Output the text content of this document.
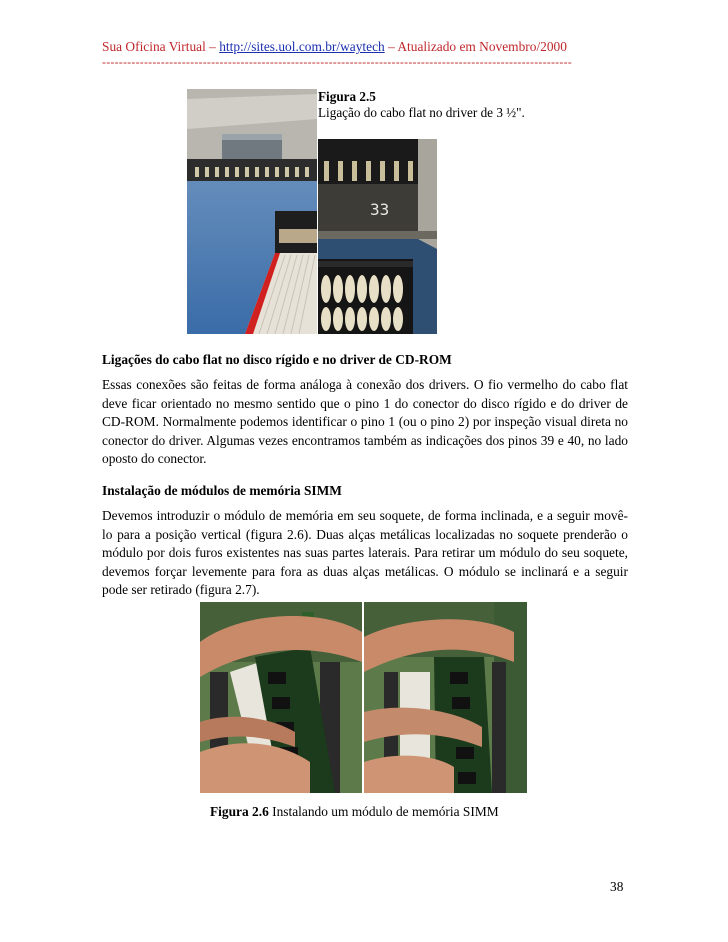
Sua Oficina Virtual – http://sites.uol.com.br/waytech – Atualizado em Novembro/2000
----------------------------------------------------------------------------------------------------------------
Figura 2.5
Ligação do cabo flat no driver de 3 ½".
33
Ligações do cabo flat no disco rígido e no driver de CD-ROM
Essas conexões são feitas de forma análoga à conexão dos drivers. O fio vermelho do cabo flat deve ficar orientado no mesmo sentido que o pino 1 do conector do disco rígido e do driver de CD-ROM. Normalmente podemos identificar o pino 1 (ou o pino 2) por inspeção visual direta no conector do driver. Algumas vezes encontramos também as indicações dos pinos 39 e 40, no lado oposto do conector.
Instalação de módulos de memória SIMM
Devemos introduzir o módulo de memória em seu soquete, de forma inclinada, e a seguir movê-lo para a posição vertical (figura 2.6). Duas alças metálicas localizadas no soquete prenderão o módulo por dois furos existentes nas suas partes laterais. Para retirar um módulo do seu soquete, devemos forçar levemente para fora as duas alças metálicas. O módulo se inclinará e a seguir pode ser retirado (figura 2.7).
Figura 2.6 Instalando um módulo de memória SIMM
38
